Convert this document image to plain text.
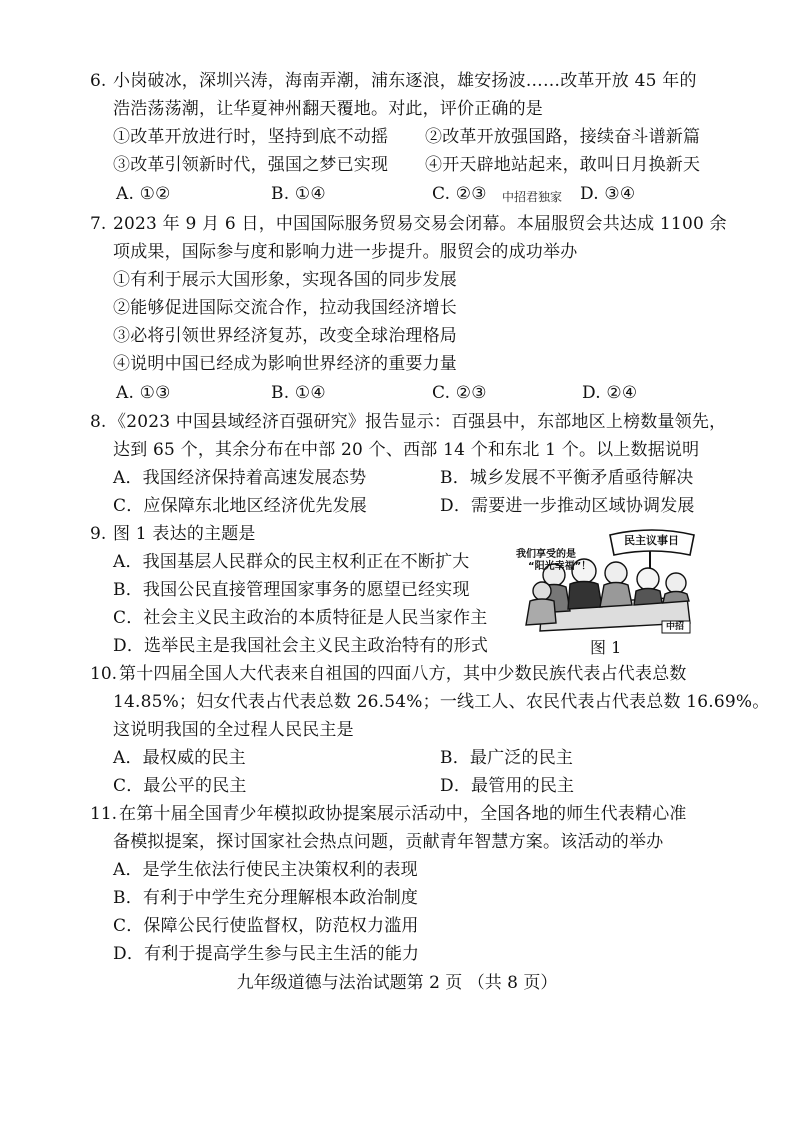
6. 小岗破冰，深圳兴涛，海南弄潮，浦东逐浪，雄安扬波……改革开放 45 年的
浩浩荡荡潮，让华夏神州翻天覆地。对此，评价正确的是
①改革开放进行时，坚持到底不动摇 ②改革开放强国路，接续奋斗谱新篇
③改革引领新时代，强国之梦已实现 ④开天辟地站起来，敢叫日月换新天
A. ①②	B. ①④	C. ②③ 中招君独家 D. ③④
7. 2023 年 9 月 6 日，中国国际服务贸易交易会闭幕。本届服贸会共达成 1100 余
项成果，国际参与度和影响力进一步提升。服贸会的成功举办
①有利于展示大国形象，实现各国的同步发展
②能够促进国际交流合作，拉动我国经济增长
③必将引领世界经济复苏，改变全球治理格局
④说明中国已经成为影响世界经济的重要力量
A. ①③	B. ①④	C. ②③	D. ②④
8. 《2023 中国县域经济百强研究》报告显示：百强县中，东部地区上榜数量领先，
达到 65 个，其余分布在中部 20 个、西部 14 个和东北 1 个。以上数据说明
A．我国经济保持着高速发展态势	B．城乡发展不平衡矛盾亟待解决
C．应保障东北地区经济优先发展	D．需要进一步推动区域协调发展
9. 图 1 表达的主题是
A．我国基层人民群众的民主权利正在不断扩大
B．我国公民直接管理国家事务的愿望已经实现
C．社会主义民主政治的本质特征是人民当家作主
D．选举民主是我国社会主义民主政治特有的形式
我们享受的是
“阳光幸福”！
民主议事日
中招
图 1
10. 第十四届全国人大代表来自祖国的四面八方，其中少数民族代表占代表总数
14.85%；妇女代表占代表总数 26.54%；一线工人、农民代表占代表总数 16.69%。
这说明我国的全过程人民民主是
A．最权威的民主	B．最广泛的民主
C．最公平的民主	D．最管用的民主
11. 在第十届全国青少年模拟政协提案展示活动中，全国各地的师生代表精心准
备模拟提案，探讨国家社会热点问题，贡献青年智慧方案。该活动的举办
A．是学生依法行使民主决策权利的表现
B．有利于中学生充分理解根本政治制度
C．保障公民行使监督权，防范权力滥用
D．有利于提高学生参与民主生活的能力
九年级道德与法治试题第 2 页 （共 8 页）
